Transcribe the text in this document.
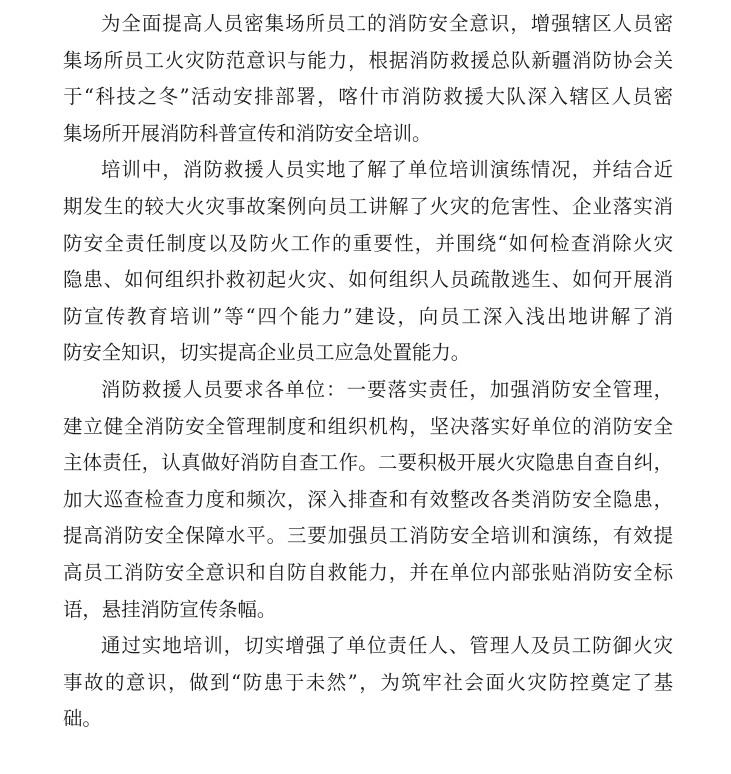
为全面提高人员密集场所员工的消防安全意识，增强辖区人员密
集场所员工火灾防范意识与能力，根据消防救援总队新疆消防协会关
于“科技之冬”活动安排部署，喀什市消防救援大队深入辖区人员密
集场所开展消防科普宣传和消防安全培训。
培训中，消防救援人员实地了解了单位培训演练情况，并结合近
期发生的较大火灾事故案例向员工讲解了火灾的危害性、企业落实消
防安全责任制度以及防火工作的重要性，并围绕“如何检查消除火灾
隐患、如何组织扑救初起火灾、如何组织人员疏散逃生、如何开展消
防宣传教育培训”等“四个能力”建设，向员工深入浅出地讲解了消
防安全知识，切实提高企业员工应急处置能力。
消防救援人员要求各单位：一要落实责任，加强消防安全管理，
建立健全消防安全管理制度和组织机构，坚决落实好单位的消防安全
主体责任，认真做好消防自查工作。二要积极开展火灾隐患自查自纠，
加大巡查检查力度和频次，深入排查和有效整改各类消防安全隐患，
提高消防安全保障水平。三要加强员工消防安全培训和演练，有效提
高员工消防安全意识和自防自救能力，并在单位内部张贴消防安全标
语，悬挂消防宣传条幅。
通过实地培训，切实增强了单位责任人、管理人及员工防御火灾
事故的意识，做到“防患于未然”，为筑牢社会面火灾防控奠定了基
础。
